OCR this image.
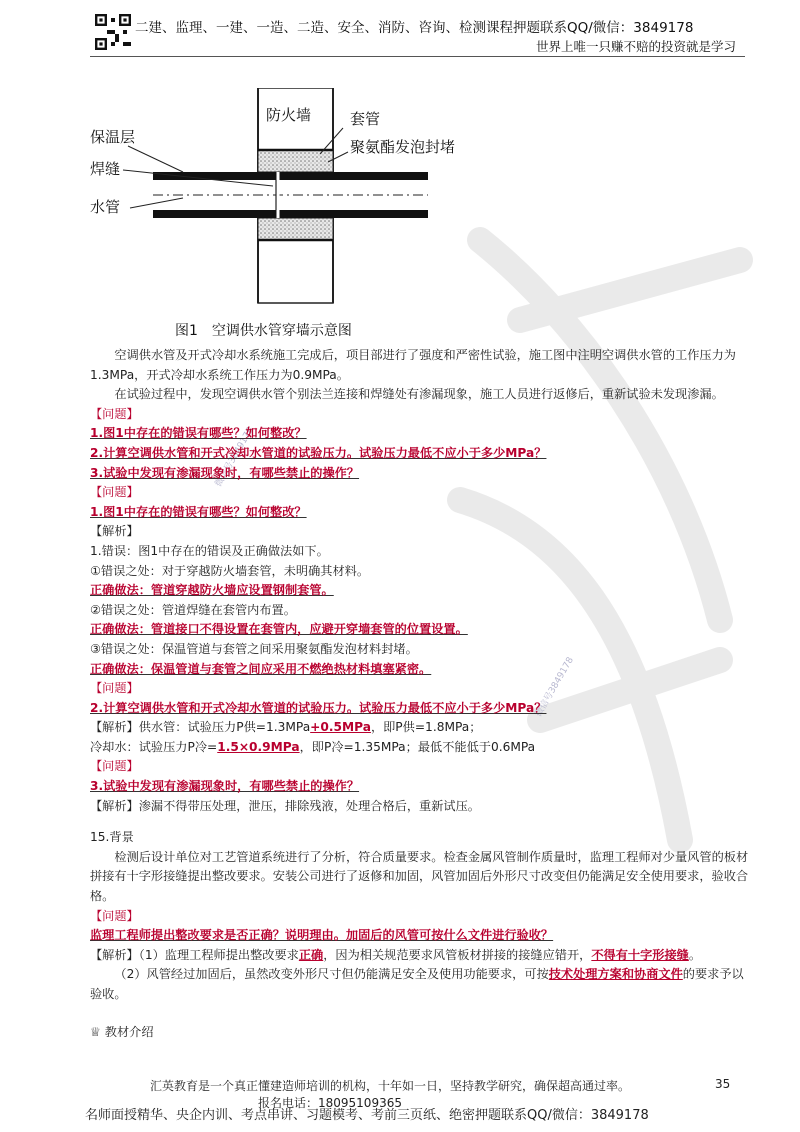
二建、监理、一建、一造、二造、安全、消防、咨询、检测课程押题联系QQ/微信：3849178
世界上唯一只赚不赔的投资就是学习
微信号3849178
微信号3849178
防火墙	套管
聚氨酯发泡封堵
保温层
焊缝
水管
图1　空调供水管穿墙示意图

空调供水管及开式冷却水系统施工完成后，项目部进行了强度和严密性试验，施工图中注明空调供水管的工作压力为1.3MPa，开式冷却水系统工作压力为0.9MPa。

在试验过程中，发现空调供水管个别法兰连接和焊缝处有渗漏现象，施工人员进行返修后，重新试验未发现渗漏。

【问题】

1.图1中存在的错误有哪些？如何整改？

2.计算空调供水管和开式冷却水管道的试验压力。试验压力最低不应小于多少MPa？

3.试验中发现有渗漏现象时，有哪些禁止的操作？

【问题】

1.图1中存在的错误有哪些？如何整改？

【解析】

1.错误：图1中存在的错误及正确做法如下。

①错误之处：对于穿越防火墙套管，未明确其材料。

正确做法：管道穿越防火墙应设置钢制套管。

②错误之处：管道焊缝在套管内布置。

正确做法：管道接口不得设置在套管内，应避开穿墙套管的位置设置。

③错误之处：保温管道与套管之间采用聚氨酯发泡材料封堵。

正确做法：保温管道与套管之间应采用不燃绝热材料填塞紧密。

【问题】

2.计算空调供水管和开式冷却水管道的试验压力。试验压力最低不应小于多少MPa？

【解析】供水管：试验压力P供=1.3MPa+0.5MPa，即P供=1.8MPa；

冷却水：试验压力P冷=1.5×0.9MPa，即P冷=1.35MPa；最低不能低于0.6MPa

【问题】

3.试验中发现有渗漏现象时，有哪些禁止的操作？

【解析】渗漏不得带压处理，泄压，排除残液，处理合格后，重新试压。

15.背景

检测后设计单位对工艺管道系统进行了分析，符合质量要求。检查金属风管制作质量时，监理工程师对少量风管的板材拼接有十字形接缝提出整改要求。安装公司进行了返修和加固，风管加固后外形尺寸改变但仍能满足安全使用要求，验收合格。

【问题】

监理工程师提出整改要求是否正确？说明理由。加固后的风管可按什么文件进行验收？

【解析】（1）监理工程师提出整改要求正确，因为相关规范要求风管板材拼接的接缝应错开，不得有十字形接缝。

（2）风管经过加固后，虽然改变外形尺寸但仍能满足安全及使用功能要求，可按技术处理方案和协商文件的要求予以验收。

♕ 教材介绍

汇英教育是一个真正懂建造师培训的机构，十年如一日，坚持教学研究，确保超高通过率。	35
报名电话：18095109365
名师面授精华、央企内训、考点串讲、习题模考、考前三页纸、绝密押题联系QQ/微信：3849178
